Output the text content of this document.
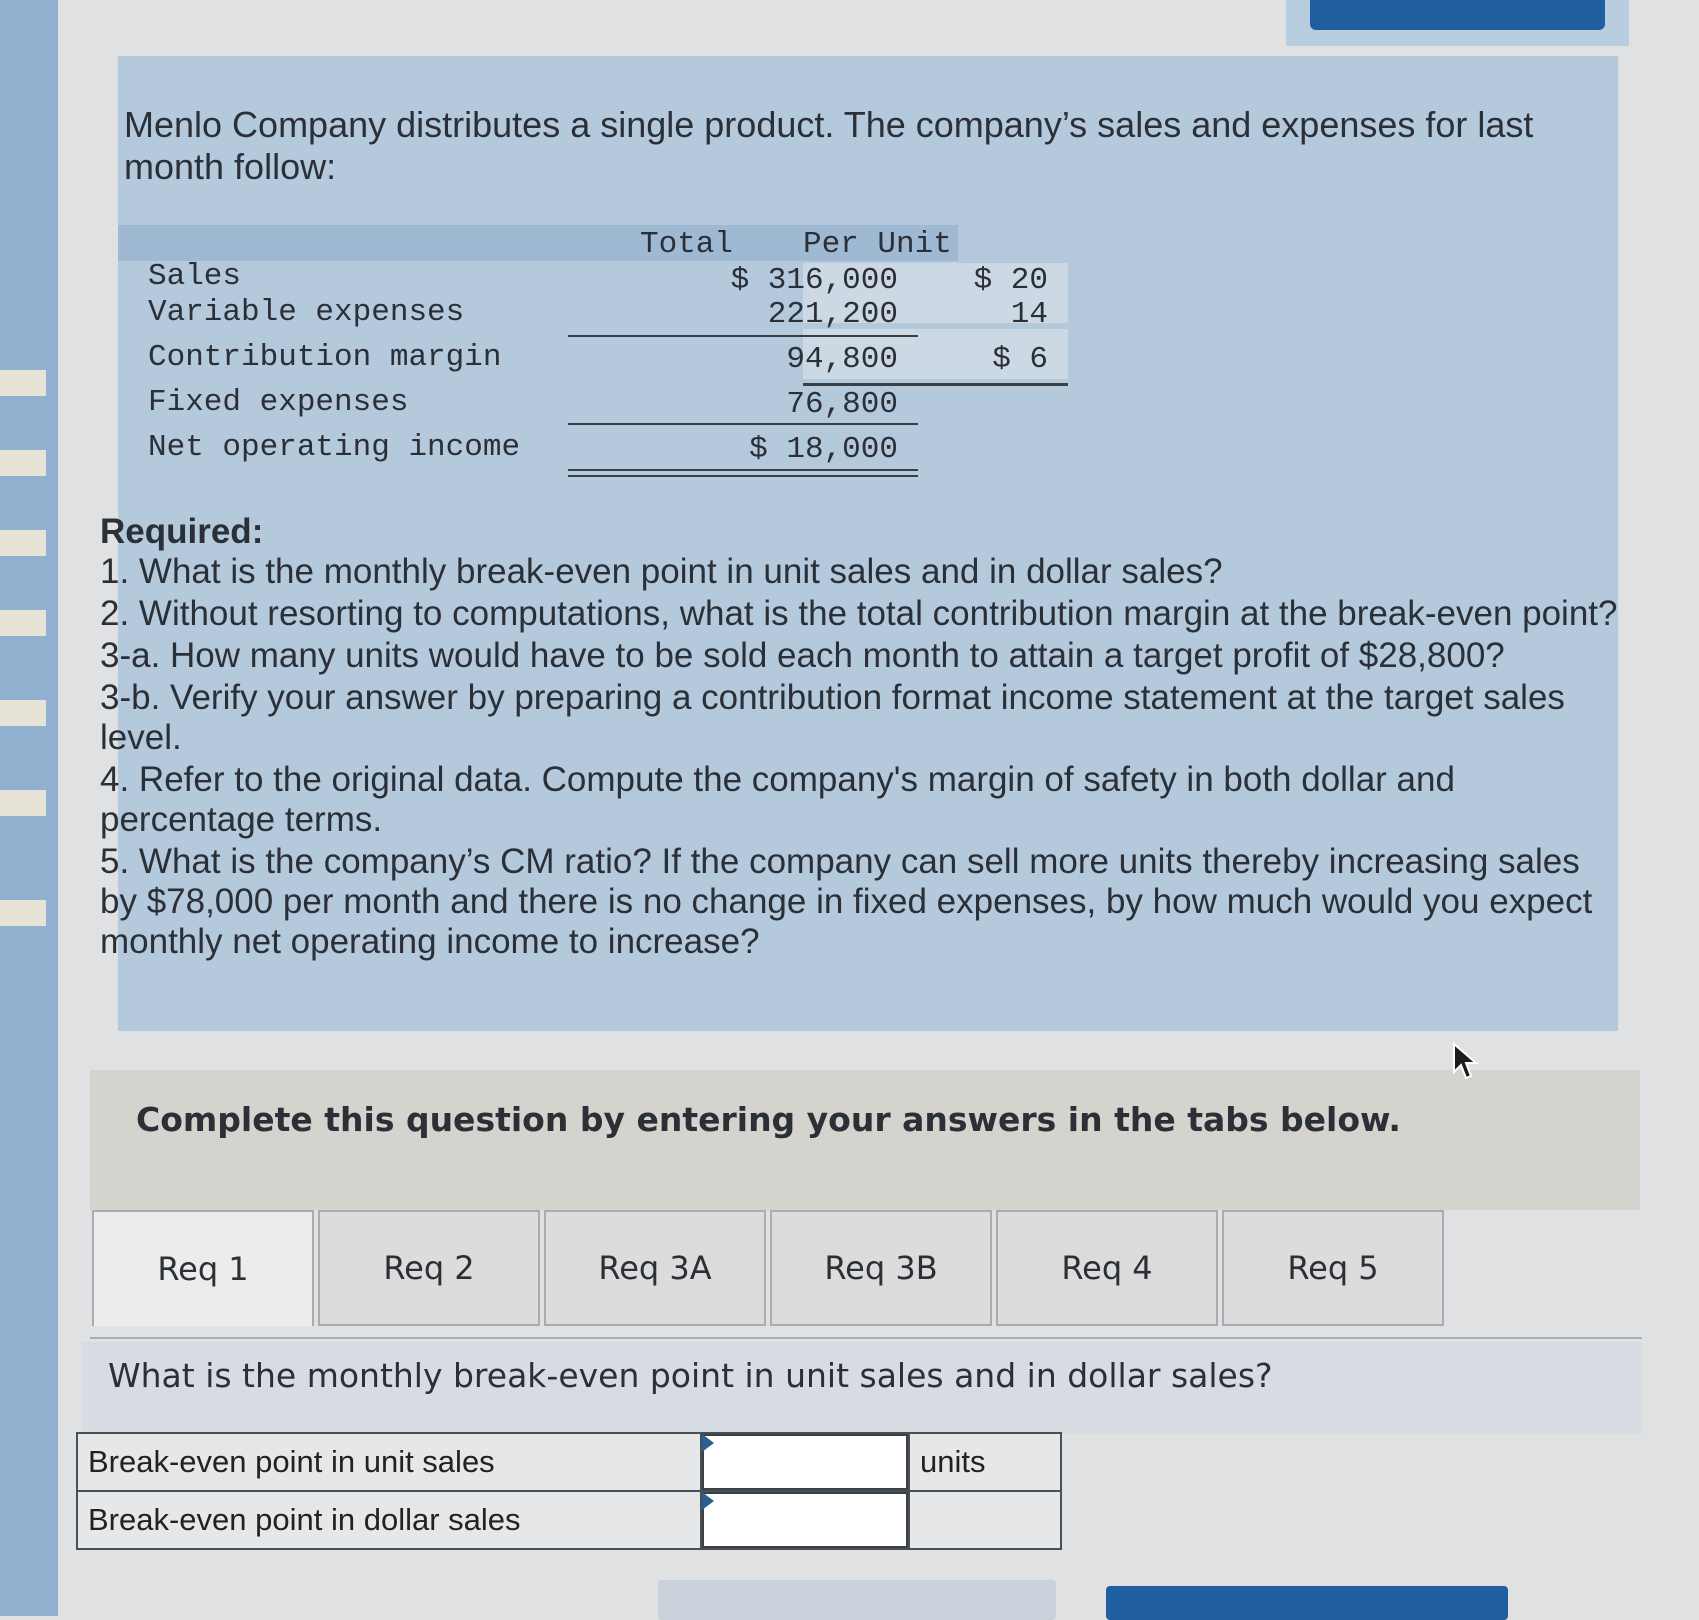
Menlo Company distributes a single product. The company’s sales and expenses for last month follow:

Total Per Unit
Sales	$ 316,000	$ 20
Variable expenses	221,200	14
Contribution margin	94,800	$ 6
Fixed expenses	76,800
Net operating income	$ 18,000

Required:

1. What is the monthly break-even point in unit sales and in dollar sales?
2. Without resorting to computations, what is the total contribution margin at the break-even point?
3-a. How many units would have to be sold each month to attain a target profit of $28,800?
3-b. Verify your answer by preparing a contribution format income statement at the target sales level.
4. Refer to the original data. Compute the company's margin of safety in both dollar and percentage terms.
5. What is the company’s CM ratio? If the company can sell more units thereby increasing sales by $78,000 per month and there is no change in fixed expenses, by how much would you expect monthly net operating income to increase?

Complete this question by entering your answers in the tabs below.

Req 1	Req 2	Req 3A	Req 3B	Req 4	Req 5

What is the monthly break-even point in unit sales and in dollar sales?

Break-even point in unit sales		units
Break-even point in dollar sales	
